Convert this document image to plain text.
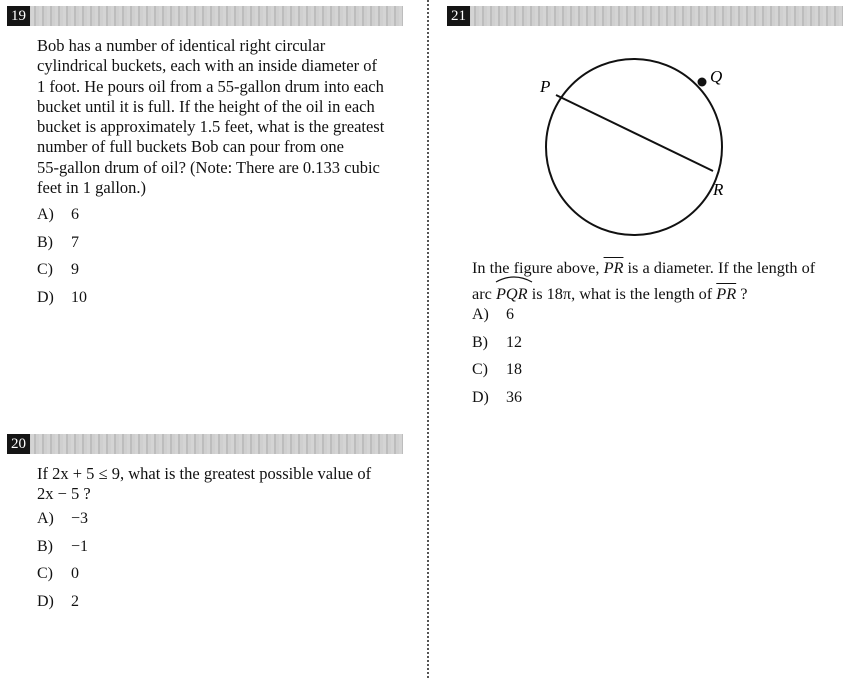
19
Bob has a number of identical right circular
cylindrical buckets, each with an inside diameter of
1 foot. He pours oil from a 55-gallon drum into each
bucket until it is full. If the height of the oil in each
bucket is approximately 1.5 feet, what is the greatest
number of full buckets Bob can pour from one
55-gallon drum of oil? (Note: There are 0.133 cubic
feet in 1 gallon.)
A)	6
B)	7
C)	9
D)	10
20
If 2x + 5 ≤ 9, what is the greatest possible value of
2x − 5 ?
A)	−3
B)	−1
C)	0
D)	2
21
P
Q
R
In the figure above, $\overline{PR}$ is a diameter. If the length of
arc PQR is 18π, what is the length of $\overline{PR}$ ?
A)	6
B)	12
C)	18
D)	36
